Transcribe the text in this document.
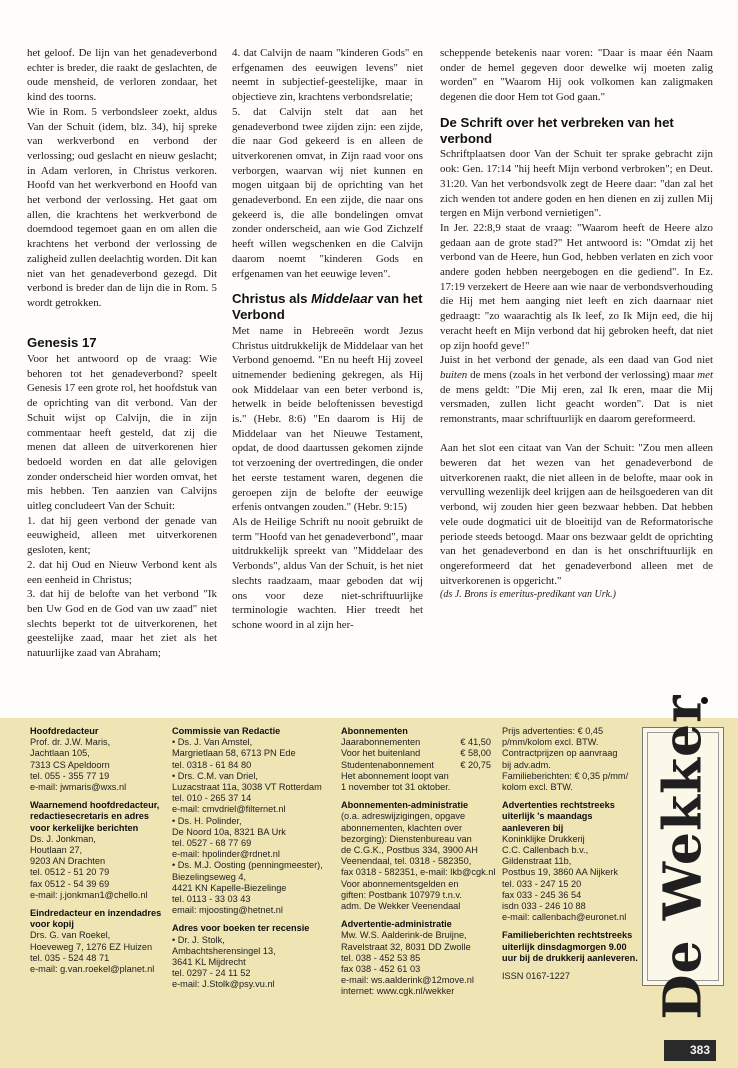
het geloof. De lijn van het genadeverbond echter is breder, die raakt de geslachten, de oude mensheid, de verloren zondaar, het kind des toorns.

Wie in Rom. 5 verbondsleer zoekt, aldus Van der Schuit (idem, blz. 34), hij spreke van werkverbond en verbond der verlossing; oud geslacht en nieuw geslacht; in Adam verloren, in Christus verkoren. Hoofd van het werkverbond en Hoofd van het verbond der verlossing. Het gaat om allen, die krachtens het werkverbond de doemdood tegemoet gaan en om allen die krachtens het verbond der verlossing de zaligheid zullen deelachtig worden. Dit kan niet van het genadeverbond gezegd. Dit verbond is breder dan de lijn die in Rom. 5 wordt getrokken.

Genesis 17

Voor het antwoord op de vraag: Wie behoren tot het genadeverbond? speelt Genesis 17 een grote rol, het hoofdstuk van de oprichting van dit verbond. Van der Schuit wijst op Calvijn, die in zijn commentaar heeft gesteld, dat zij die menen dat alleen de uitverkorenen hier bedoeld worden en dat alle gelovigen zonder onderscheid hier worden omvat, het mis hebben. Ten aanzien van Calvijns uitleg concludeert Van der Schuit:

1. dat hij geen verbond der genade van eeuwigheid, alleen met uitverkorenen gesloten, kent;

2. dat hij Oud en Nieuw Verbond kent als een eenheid in Christus;

3. dat hij de belofte van het verbond "Ik ben Uw God en de God van uw zaad" niet slechts beperkt tot de uitverkorenen, het geestelijke zaad, maar het ziet als het natuurlijke zaad van Abraham;

4. dat Calvijn de naam "kinderen Gods" en erfgenamen des eeuwigen levens" niet neemt in subjectief-geestelijke, maar in objectieve zin, krachtens verbondsrelatie;

5. dat Calvijn stelt dat aan het genadeverbond twee zijden zijn: een zijde, die naar God gekeerd is en alleen de uitverkorenen omvat, in Zijn raad voor ons verborgen, waarvan wij niet kunnen en mogen uitgaan bij de oprichting van het genadeverbond. En een zijde, die naar ons gekeerd is, die alle bondelingen omvat zonder onderscheid, aan wie God Zichzelf heeft willen wegschenken en die Calvijn daarom noemt "kinderen Gods en erfgenamen van het eeuwige leven".

Christus als Middelaar van het Verbond

Met name in Hebreeën wordt Jezus Christus uitdrukkelijk de Middelaar van het Verbond genoemd. "En nu heeft Hij zoveel uitnemender bediening gekregen, als Hij ook Middelaar van een beter verbond is, hetwelk in beide beloftenissen bevestigd is." (Hebr. 8:6) "En daarom is Hij de Middelaar van het Nieuwe Testament, opdat, de dood daartussen gekomen zijnde tot verzoening der overtredingen, die onder het eerste testament waren, degenen die geroepen zijn de belofte der eeuwige erfenis ontvangen zouden." (Hebr. 9:15)

Als de Heilige Schrift nu nooit gebruikt de term "Hoofd van het genadeverbond", maar uitdrukkelijk spreekt van "Middelaar des Verbonds", aldus Van der Schuit, is het niet slechts raadzaam, maar geboden dat wij ons voor deze niet-schriftuurlijke terminologie wachten. Hier treedt het schone woord in al zijn her-

scheppende betekenis naar voren: "Daar is maar één Naam onder de hemel gegeven door dewelke wij moeten zalig worden" en "Waarom Hij ook volkomen kan zaligmaken degenen die door Hem tot God gaan."

De Schrift over het verbreken van het verbond

Schriftplaatsen door Van der Schuit ter sprake gebracht zijn ook: Gen. 17:14 "hij heeft Mijn verbond verbroken"; en Deut. 31:20. Van het verbondsvolk zegt de Heere daar: "dan zal het zich wenden tot andere goden en hen dienen en zij zullen Mij tergen en Mijn verbond vernietigen".

In Jer. 22:8,9 staat de vraag: "Waarom heeft de Heere alzo gedaan aan de grote stad?" Het antwoord is: "Omdat zij het verbond van de Heere, hun God, hebben verlaten en zich voor andere goden hebben neergebogen en die gediend". In Ez. 17:19 verzekert de Heere aan wie naar de verbondsverhouding die Hij met hem aanging niet leeft en zich daarnaar niet gedraagt: "zo waarachtig als Ik leef, zo Ik Mijn eed, die hij veracht heeft en Mijn verbond dat hij gebroken heeft, dat niet op zijn hoofd geve!"

Juist in het verbond der genade, als een daad van God niet buiten de mens (zoals in het verbond der verlossing) maar met de mens geldt: "Die Mij eren, zal Ik eren, maar die Mij versmaden, zullen licht geacht worden". Dat is niet remonstrants, maar schriftuurlijk en daarom gereformeerd.

Aan het slot een citaat van Van der Schuit: "Zou men alleen beweren dat het wezen van het genadeverbond de uitverkorenen raakt, die niet alleen in de belofte, maar ook in vervulling wezenlijk deel krijgen aan de heilsgoederen van dit verbond, wij zouden hier geen bezwaar hebben. Dat hebben vele oude dogmatici uit de bloeitijd van de Reformatorische periode steeds betoogd. Maar ons bezwaar geldt de oprichting van het genadeverbond en dan is het onschriftuurlijk en ongereformeerd dat het genadeverbond alleen met de uitverkorenen is opgericht."

(ds J. Brons is emeritus-predikant van Urk.)

Hoofdredacteur
Prof. dr. J.W. Maris,
Jachtlaan 105,
7313 CS Apeldoorn
tel. 055 - 355 77 19
e-mail: jwmaris@wxs.nl
Waarnemend hoofdredacteur, redactiesecretaris en adres voor kerkelijke berichten
Ds. J. Jonkman,
Houtlaan 27,
9203 AN Drachten
tel. 0512 - 51 20 79
fax 0512 - 54 39 69
e-mail: j.jonkman1@chello.nl
Eindredacteur en inzendadres voor kopij
Drs. G. van Roekel,
Hoeveweg 7, 1276 EZ Huizen
tel. 035 - 524 48 71
e-mail: g.van.roekel@planet.nl
Commissie van Redactie
• Ds. J. Van Amstel,
Margrietlaan 58, 6713 PN Ede
tel. 0318 - 61 84 80
• Drs. C.M. van Driel,
Luzacstraat 11a, 3038 VT Rotterdam
tel. 010 - 265 37 14
e-mail: cmvdriel@filternet.nl
• Ds. H. Polinder,
De Noord 10a, 8321 BA Urk
tel. 0527 - 68 77 69
e-mail: hpolinder@rdnet.nl
• Ds. M.J. Oosting (penningmeester),
Biezelingseweg 4,
4421 KN Kapelle-Biezelinge
tel. 0113 - 33 03 43
email: mjoosting@hetnet.nl
Adres voor boeken ter recensie
• Dr. J. Stolk,
Ambachtsherensingel 13,
3641 KL Mijdrecht
tel. 0297 - 24 11 52
e-mail: J.Stolk@psy.vu.nl
Abonnementen
Jaarabonnementen	€ 41,50
Voor het buitenland	€ 58,00
Studentenabonnement	€ 20,75
Het abonnement loopt van
1 november tot 31 oktober.
Abonnementen-administratie
(o.a. adreswijzigingen, opgave
abonnementen, klachten over
bezorging): Dienstenbureau van
de C.G.K., Postbus 334, 3900 AH
Veenendaal, tel. 0318 - 582350,
fax 0318 - 582351, e-mail: lkb@cgk.nl
Voor abonnementsgelden en
giften: Postbank 107979 t.n.v.
adm. De Wekker Veenendaal
Advertentie-administratie
Mw. W.S. Aalderink-de Bruijne,
Ravelstraat 32, 8031 DD Zwolle
tel. 038 - 452 53 85
fax 038 - 452 61 03
e-mail: ws.aalderink@12move.nl
internet: www.cgk.nl/wekker
Prijs advertenties: € 0,45
p/mm/kolom excl. BTW.
Contractprijzen op aanvraag
bij adv.adm.
Familieberichten: € 0,35 p/mm/
kolom excl. BTW.
Advertenties rechtstreeks uiterlijk 's maandags aanleveren bij
Koninklijke Drukkerij
C.C. Callenbach b.v.,
Gildenstraat 11b,
Postbus 19, 3860 AA Nijkerk
tel. 033 - 247 15 20
fax 033 - 245 36 54
isdn 033 - 246 10 88
e-mail: callenbach@euronet.nl
Familieberichten rechtstreeks uiterlijk dinsdagmorgen 9.00 uur bij de drukkerij aanleveren.
ISSN 0167-1227	De Wekker
383
